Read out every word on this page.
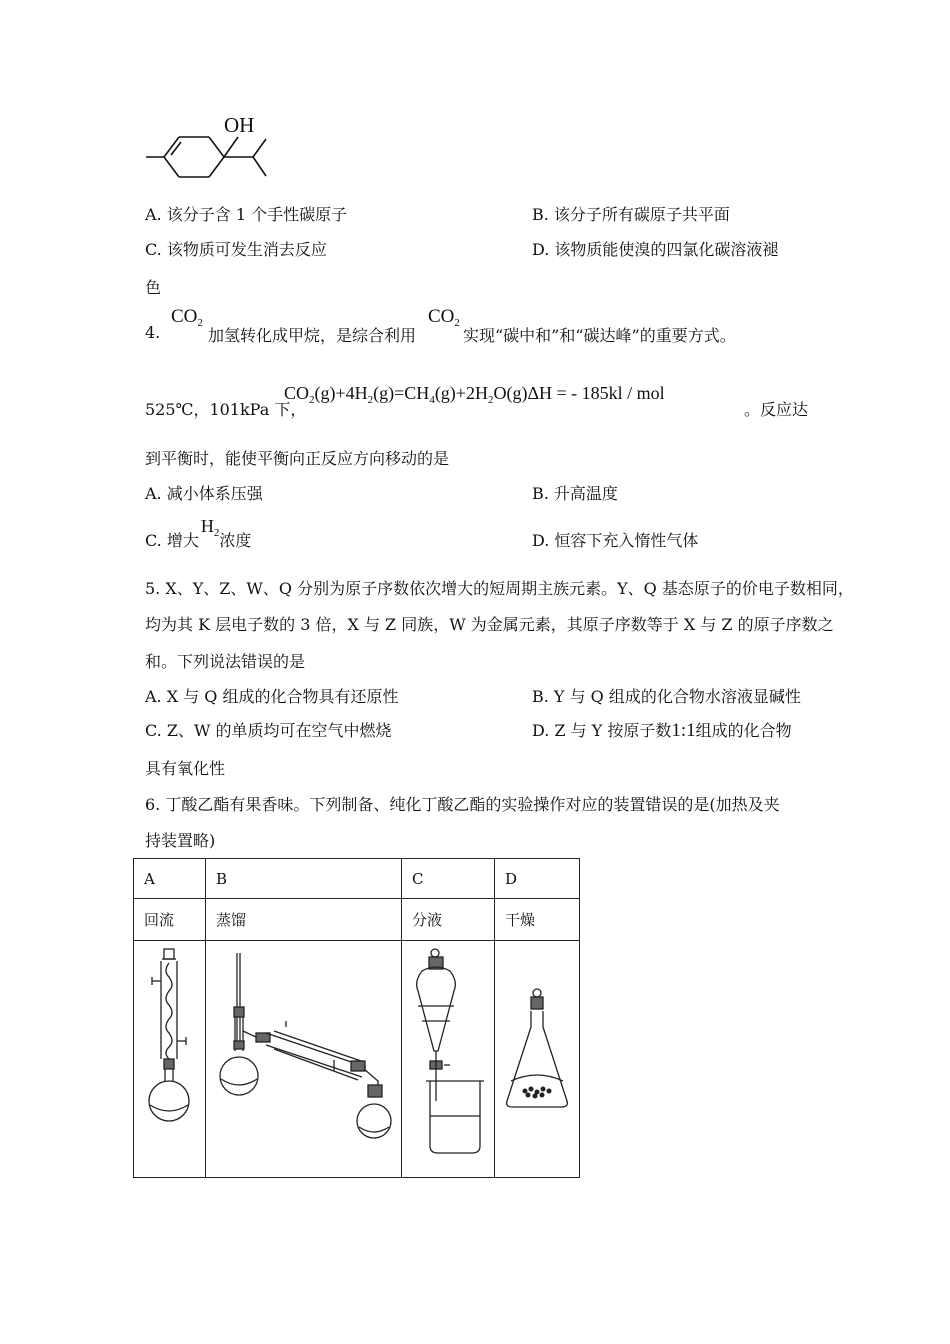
OH
A. 该分子含 1 个手性碳原子	B. 该分子所有碳原子共平面
C. 该物质可发生消去反应	D. 该物质能使溴的四氯化碳溶液褪
色
4.
$CO_2$
加氢转化成甲烷，是综合利用
$CO_2$
实现“碳中和”和“碳达峰”的重要方式。
525℃，101kPa 下，
$CO_2(g)+4H_2(g)=CH_4(g)+2H_2O(g)\Delta H$ = - 185kl / mol
。反应达
到平衡时，能使平衡向正反应方向移动的是
A. 减小体系压强	B. 升高温度
C. 增大$H_2$浓度	D. 恒容下充入惰性气体
5. X、Y、Z、W、Q 分别为原子序数依次增大的短周期主族元素。Y、Q 基态原子的价电子数相同，
均为其 K 层电子数的 3 倍，X 与 Z 同族，W 为金属元素，其原子序数等于 X 与 Z 的原子序数之
和。下列说法错误的是
A. X 与 Q 组成的化合物具有还原性	B. Y 与 Q 组成的化合物水溶液显碱性
C. Z、W 的单质均可在空气中燃烧	D. Z 与 Y 按原子数1:1组成的化合物
具有氧化性
6. 丁酸乙酯有果香味。下列制备、纯化丁酸乙酯的实验操作对应的装置错误的是(加热及夹
持装置略)
A	B	C	D
回流	蒸馏	分液	干燥
